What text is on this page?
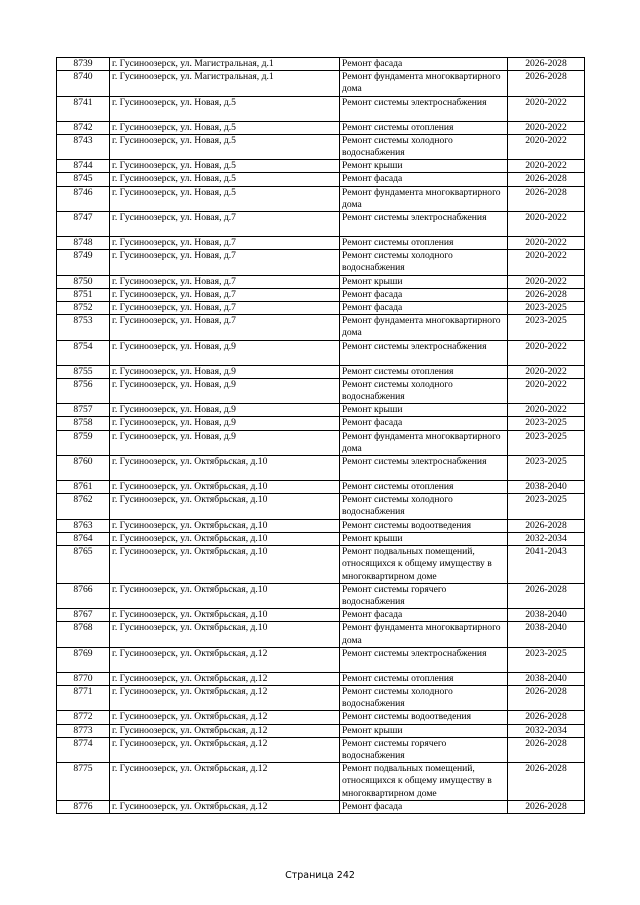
8739	г. Гусиноозерск, ул. Магистральная, д.1	Ремонт фасада	2026-2028
8740	г. Гусиноозерск, ул. Магистральная, д.1	Ремонт фундамента многоквартирного дома	2026-2028
8741	г. Гусиноозерск, ул. Новая, д.5	Ремонт системы электроснабжения	2020-2022
8742	г. Гусиноозерск, ул. Новая, д.5	Ремонт системы отопления	2020-2022
8743	г. Гусиноозерск, ул. Новая, д.5	Ремонт системы холодного водоснабжения	2020-2022
8744	г. Гусиноозерск, ул. Новая, д.5	Ремонт крыши	2020-2022
8745	г. Гусиноозерск, ул. Новая, д.5	Ремонт фасада	2026-2028
8746	г. Гусиноозерск, ул. Новая, д.5	Ремонт фундамента многоквартирного дома	2026-2028
8747	г. Гусиноозерск, ул. Новая, д.7	Ремонт системы электроснабжения	2020-2022
8748	г. Гусиноозерск, ул. Новая, д.7	Ремонт системы отопления	2020-2022
8749	г. Гусиноозерск, ул. Новая, д.7	Ремонт системы холодного водоснабжения	2020-2022
8750	г. Гусиноозерск, ул. Новая, д.7	Ремонт крыши	2020-2022
8751	г. Гусиноозерск, ул. Новая, д.7	Ремонт фасада	2026-2028
8752	г. Гусиноозерск, ул. Новая, д.7	Ремонт фасада	2023-2025
8753	г. Гусиноозерск, ул. Новая, д.7	Ремонт фундамента многоквартирного дома	2023-2025
8754	г. Гусиноозерск, ул. Новая, д.9	Ремонт системы электроснабжения	2020-2022
8755	г. Гусиноозерск, ул. Новая, д.9	Ремонт системы отопления	2020-2022
8756	г. Гусиноозерск, ул. Новая, д.9	Ремонт системы холодного водоснабжения	2020-2022
8757	г. Гусиноозерск, ул. Новая, д.9	Ремонт крыши	2020-2022
8758	г. Гусиноозерск, ул. Новая, д.9	Ремонт фасада	2023-2025
8759	г. Гусиноозерск, ул. Новая, д.9	Ремонт фундамента многоквартирного дома	2023-2025
8760	г. Гусиноозерск, ул. Октябрьская, д.10	Ремонт системы электроснабжения	2023-2025
8761	г. Гусиноозерск, ул. Октябрьская, д.10	Ремонт системы отопления	2038-2040
8762	г. Гусиноозерск, ул. Октябрьская, д.10	Ремонт системы холодного водоснабжения	2023-2025
8763	г. Гусиноозерск, ул. Октябрьская, д.10	Ремонт системы водоотведения	2026-2028
8764	г. Гусиноозерск, ул. Октябрьская, д.10	Ремонт крыши	2032-2034
8765	г. Гусиноозерск, ул. Октябрьская, д.10	Ремонт подвальных помещений, относящихся к общему имуществу в многоквартирном доме	2041-2043
8766	г. Гусиноозерск, ул. Октябрьская, д.10	Ремонт системы горячего водоснабжения	2026-2028
8767	г. Гусиноозерск, ул. Октябрьская, д.10	Ремонт фасада	2038-2040
8768	г. Гусиноозерск, ул. Октябрьская, д.10	Ремонт фундамента многоквартирного дома	2038-2040
8769	г. Гусиноозерск, ул. Октябрьская, д.12	Ремонт системы электроснабжения	2023-2025
8770	г. Гусиноозерск, ул. Октябрьская, д.12	Ремонт системы отопления	2038-2040
8771	г. Гусиноозерск, ул. Октябрьская, д.12	Ремонт системы холодного водоснабжения	2026-2028
8772	г. Гусиноозерск, ул. Октябрьская, д.12	Ремонт системы водоотведения	2026-2028
8773	г. Гусиноозерск, ул. Октябрьская, д.12	Ремонт крыши	2032-2034
8774	г. Гусиноозерск, ул. Октябрьская, д.12	Ремонт системы горячего водоснабжения	2026-2028
8775	г. Гусиноозерск, ул. Октябрьская, д.12	Ремонт подвальных помещений, относящихся к общему имуществу в многоквартирном доме	2026-2028
8776	г. Гусиноозерск, ул. Октябрьская, д.12	Ремонт фасада	2026-2028
Страница 242
